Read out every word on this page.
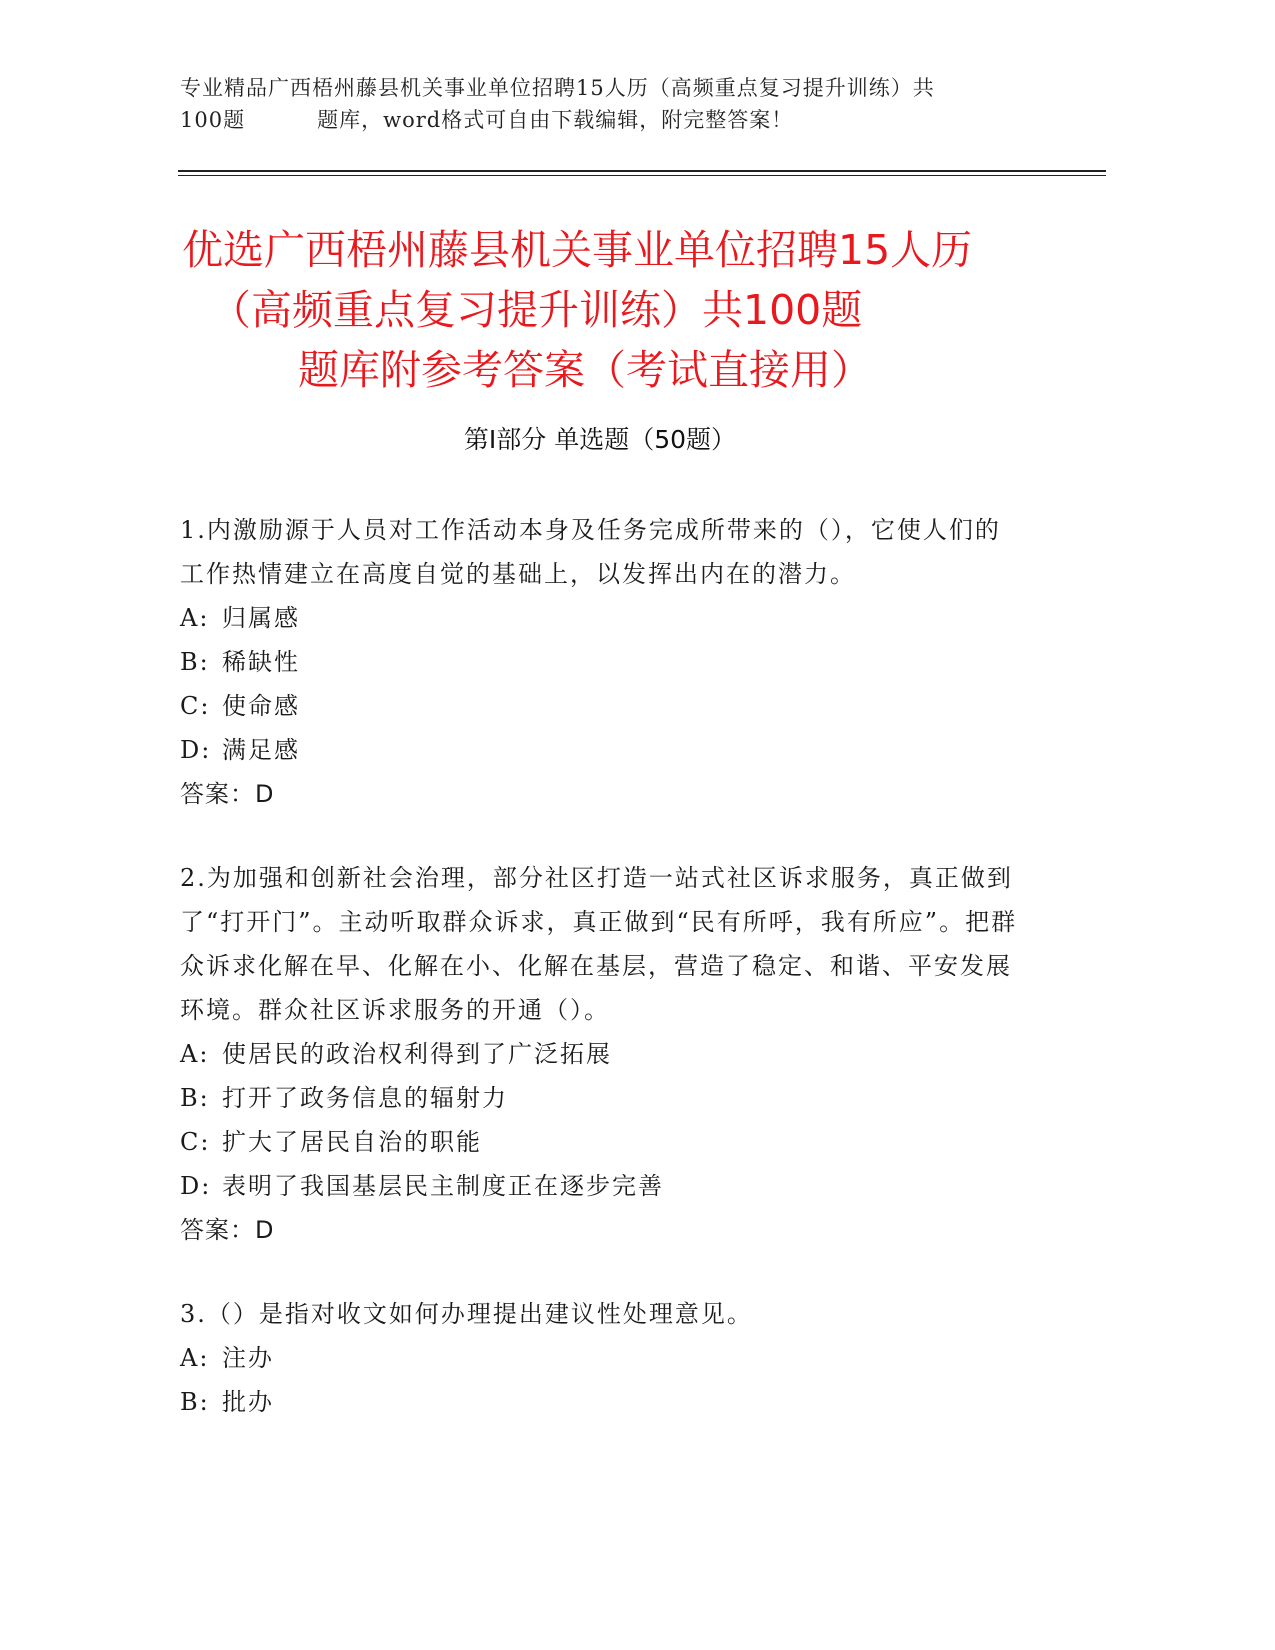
专业精品广西梧州藤县机关事业单位招聘15人历（高频重点复习提升训练）共
100题	题库，word格式可自由下载编辑，附完整答案！
优选广西梧州藤县机关事业单位招聘15人历
（高频重点复习提升训练）共100题
题库附参考答案（考试直接用）
第Ⅰ部分 单选题（50题）
1.内激励源于人员对工作活动本身及任务完成所带来的（），它使人们的工作热情建立在高度自觉的基础上，以发挥出内在的潜力。
A: 归属感
B: 稀缺性
C: 使命感
D: 满足感
答案：D
2.为加强和创新社会治理，部分社区打造一站式社区诉求服务，真正做到了“打开门”。主动听取群众诉求，真正做到“民有所呼，我有所应”。把群众诉求化解在早、化解在小、化解在基层，营造了稳定、和谐、平安发展环境。群众社区诉求服务的开通（）。
A: 使居民的政治权利得到了广泛拓展
B: 打开了政务信息的辐射力
C: 扩大了居民自治的职能
D: 表明了我国基层民主制度正在逐步完善
答案：D
3.（）是指对收文如何办理提出建议性处理意见。
A: 注办
B: 批办
